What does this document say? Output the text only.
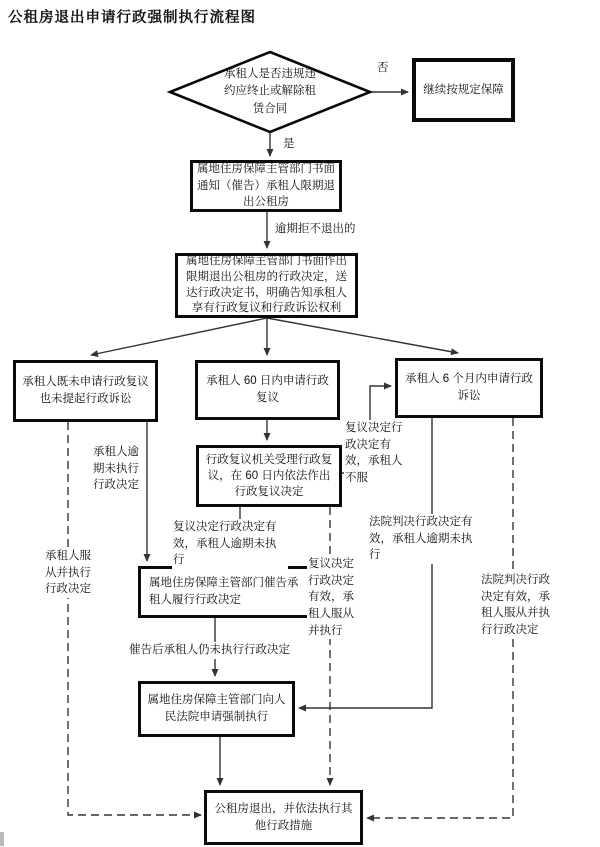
公租房退出申请行政强制执行流程图
承租人是否违规违约应终止或解除租赁合同
继续按规定保障
属地住房保障主管部门书面通知（催告）承租人限期退出公租房
属地住房保障主管部门书面作出限期退出公租房的行政决定，送达行政决定书，明确告知承租人享有行政复议和行政诉讼权利
承租人既未申请行政复议也未提起行政诉讼
承租人 60 日内申请行政复议
承租人 6 个月内申请行政诉讼
行政复议机关受理行政复议，在 60 日内依法作出行政复议决定
属地住房保障主管部门催告承租人履行行政决定
属地住房保障主管部门向人民法院申请强制执行
公租房退出，并依法执行其他行政措施
否
是
逾期拒不退出的
承租人逾期未执行行政决定
承租人服从并执行行政决定
复议决定行政决定有效，承租人不服
复议决定行政决定有效，承租人逾期未执行
法院判决行政决定有效，承租人逾期未执行
复议决定行政决定有效，承租人服从并执行
法院判决行政决定有效，承租人服从并执行行政决定
催告后承租人仍未执行行政决定
